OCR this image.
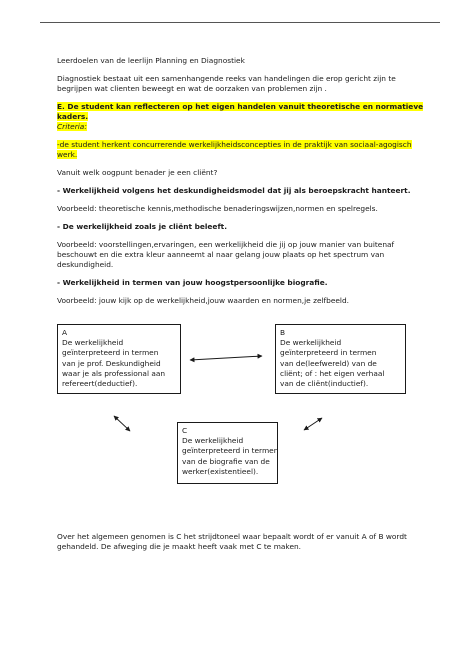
Leerdoelen van de leerlijn Planning en Diagnostiek
Diagnostiek bestaat uit een samenhangende reeks van handelingen die erop gericht zijn te
begrijpen wat clienten beweegt en wat de oorzaken van problemen zijn .
E. De student kan reflecteren op het eigen handelen vanuit theoretische en normatieve
kaders.
Criteria:
-de student herkent concurrerende werkelijkheidsconcepties in de praktijk van sociaal-agogisch
werk.
Vanuit welk oogpunt benader je een cliënt?
- Werkelijkheid volgens het deskundigheidsmodel dat jij als beroepskracht hanteert.
Voorbeeld: theoretische kennis,methodische benaderingswijzen,normen en spelregels.
- De werkelijkheid zoals je cliënt beleeft.
Voorbeeld: voorstellingen,ervaringen, een werkelijkheid die jij op jouw manier van buitenaf
beschouwt en die extra kleur aanneemt al naar gelang jouw plaats op het spectrum van
deskundigheid.
- Werkelijkheid in termen van jouw hoogstpersoonlijke biografie.
Voorbeeld: jouw kijk op de werkelijkheid,jouw waarden en normen,je zelfbeeld.
A
De werkelijkheid
geïnterpreteerd in termen
van je prof. Deskundigheid
waar je als professional aan
refereert(deductief).
B
De werkelijkheid
geïnterpreteerd in termen
van de(leefwereld) van de
cliënt; of : het eigen verhaal
van de cliënt(inductief).
C
De werkelijkheid
geïnterpreteerd in termen
van de biografie van de
werker(existentieel).
Over het algemeen genomen is C het strijdtoneel waar bepaalt wordt of er vanuit A of B wordt
gehandeld. De afweging die je maakt heeft vaak met C te maken.
